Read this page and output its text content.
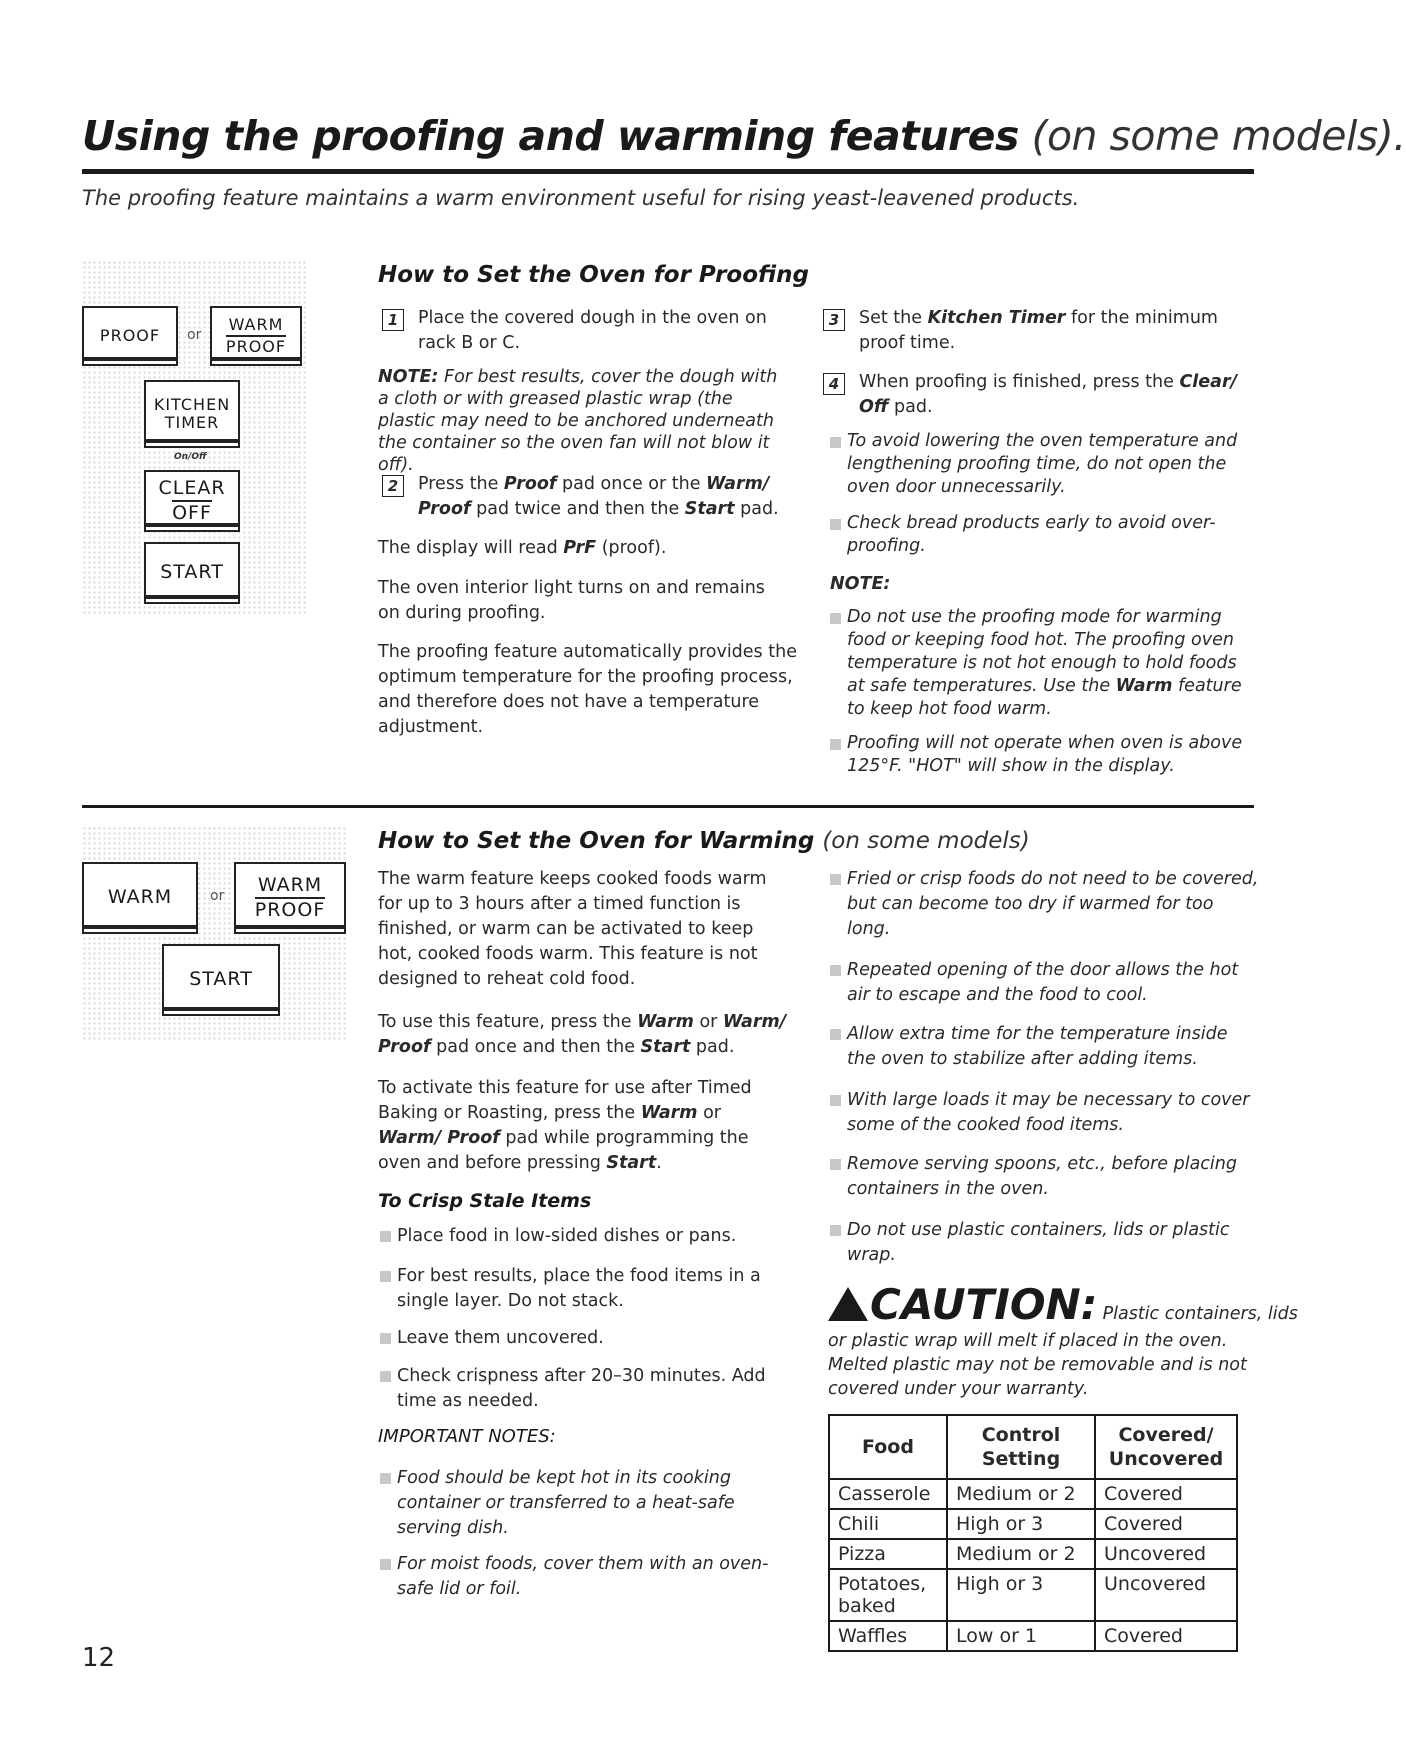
Using the proofing and warming features (on some models).
The proofing feature maintains a warm environment useful for rising yeast-leavened products.
PROOF or
WARM
PROOF
KITCHEN
TIMER
On/Off
CLEAR
OFF
START
How to Set the Oven for Proofing
1	Place the covered dough in the oven on rack B or C.
NOTE: For best results, cover the dough with a cloth or with greased plastic wrap (the plastic may need to be anchored underneath the container so the oven fan will not blow it off).
2	Press the Proof pad once or the Warm/ Proof pad twice and then the Start pad.
The display will read PrF (proof).
The oven interior light turns on and remains on during proofing.
The proofing feature automatically provides the optimum temperature for the proofing process, and therefore does not have a temperature adjustment.
3	Set the Kitchen Timer for the minimum proof time.
4	When proofing is finished, press the Clear/ Off pad.
To avoid lowering the oven temperature and lengthening proofing time, do not open the oven door unnecessarily.
Check bread products early to avoid over-proofing.
NOTE:
Do not use the proofing mode for warming food or keeping food hot. The proofing oven temperature is not hot enough to hold foods at safe temperatures. Use the Warm feature to keep hot food warm.
Proofing will not operate when oven is above 125°F. "HOT" will show in the display.
WARM	or
WARM
PROOF
START
How to Set the Oven for Warming (on some models)
The warm feature keeps cooked foods warm for up to 3 hours after a timed function is finished, or warm can be activated to keep hot, cooked foods warm. This feature is not designed to reheat cold food.
To use this feature, press the Warm or Warm/ Proof pad once and then the Start pad.
To activate this feature for use after Timed Baking or Roasting, press the Warm or Warm/ Proof pad while programming the oven and before pressing Start.
To Crisp Stale Items
Place food in low-sided dishes or pans.
For best results, place the food items in a single layer. Do not stack.
Leave them uncovered.
Check crispness after 20–30 minutes. Add time as needed.
IMPORTANT NOTES:
Food should be kept hot in its cooking container or transferred to a heat-safe serving dish.
For moist foods, cover them with an oven-safe lid or foil.
Fried or crisp foods do not need to be covered, but can become too dry if warmed for too long.
Repeated opening of the door allows the hot air to escape and the food to cool.
Allow extra time for the temperature inside the oven to stabilize after adding items.
With large loads it may be necessary to cover some of the cooked food items.
Remove serving spoons, etc., before placing containers in the oven.
Do not use plastic containers, lids or plastic wrap.
CAUTION: Plastic containers, lids
or plastic wrap will melt if placed in the oven. Melted plastic may not be removable and is not covered under your warranty.
Food	Control Setting	Covered/ Uncovered
Casserole	Medium or 2	Covered
Chili	High or 3	Covered
Pizza	Medium or 2	Uncovered
Potatoes, baked	High or 3	Uncovered
Waffles	Low or 1	Covered
12
